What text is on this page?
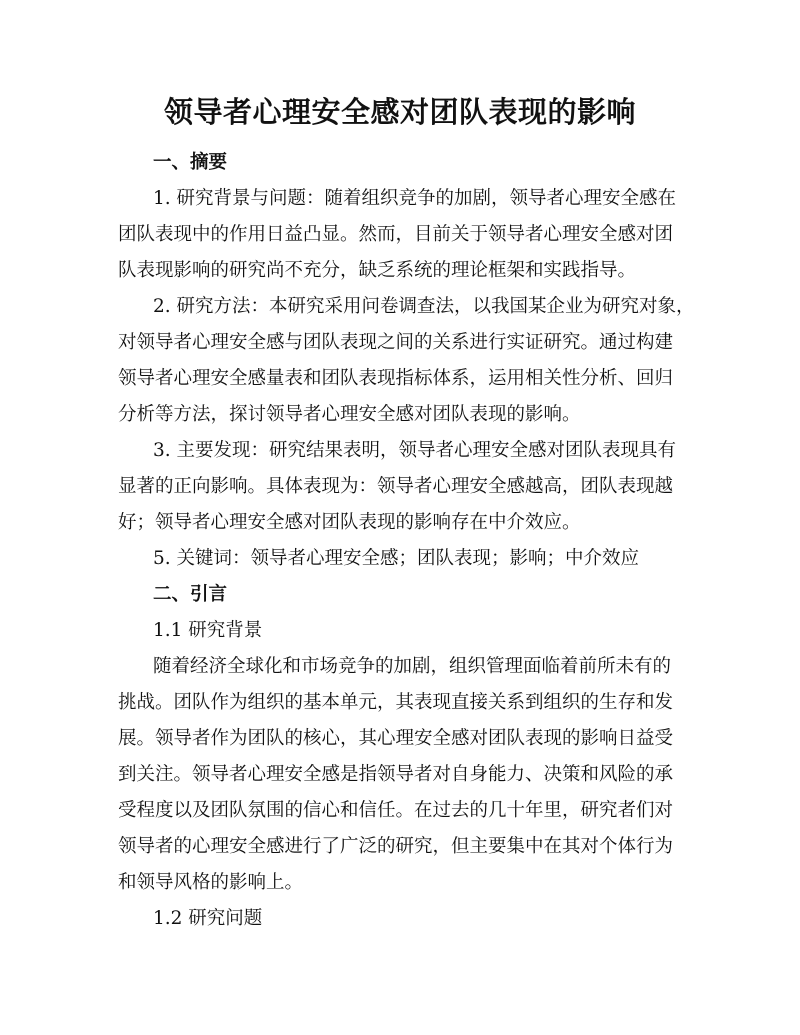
领导者心理安全感对团队表现的影响
一、摘要
1. 研究背景与问题：随着组织竞争的加剧，领导者心理安全感在
团队表现中的作用日益凸显。然而，目前关于领导者心理安全感对团
队表现影响的研究尚不充分，缺乏系统的理论框架和实践指导。
2. 研究方法：本研究采用问卷调查法，以我国某企业为研究对象，
对领导者心理安全感与团队表现之间的关系进行实证研究。通过构建
领导者心理安全感量表和团队表现指标体系，运用相关性分析、回归
分析等方法，探讨领导者心理安全感对团队表现的影响。
3. 主要发现：研究结果表明，领导者心理安全感对团队表现具有
显著的正向影响。具体表现为：领导者心理安全感越高，团队表现越
好；领导者心理安全感对团队表现的影响存在中介效应。
5. 关键词：领导者心理安全感；团队表现；影响；中介效应
二、引言
1.1 研究背景
随着经济全球化和市场竞争的加剧，组织管理面临着前所未有的
挑战。团队作为组织的基本单元，其表现直接关系到组织的生存和发
展。领导者作为团队的核心，其心理安全感对团队表现的影响日益受
到关注。领导者心理安全感是指领导者对自身能力、决策和风险的承
受程度以及团队氛围的信心和信任。在过去的几十年里，研究者们对
领导者的心理安全感进行了广泛的研究，但主要集中在其对个体行为
和领导风格的影响上。
1.2 研究问题
